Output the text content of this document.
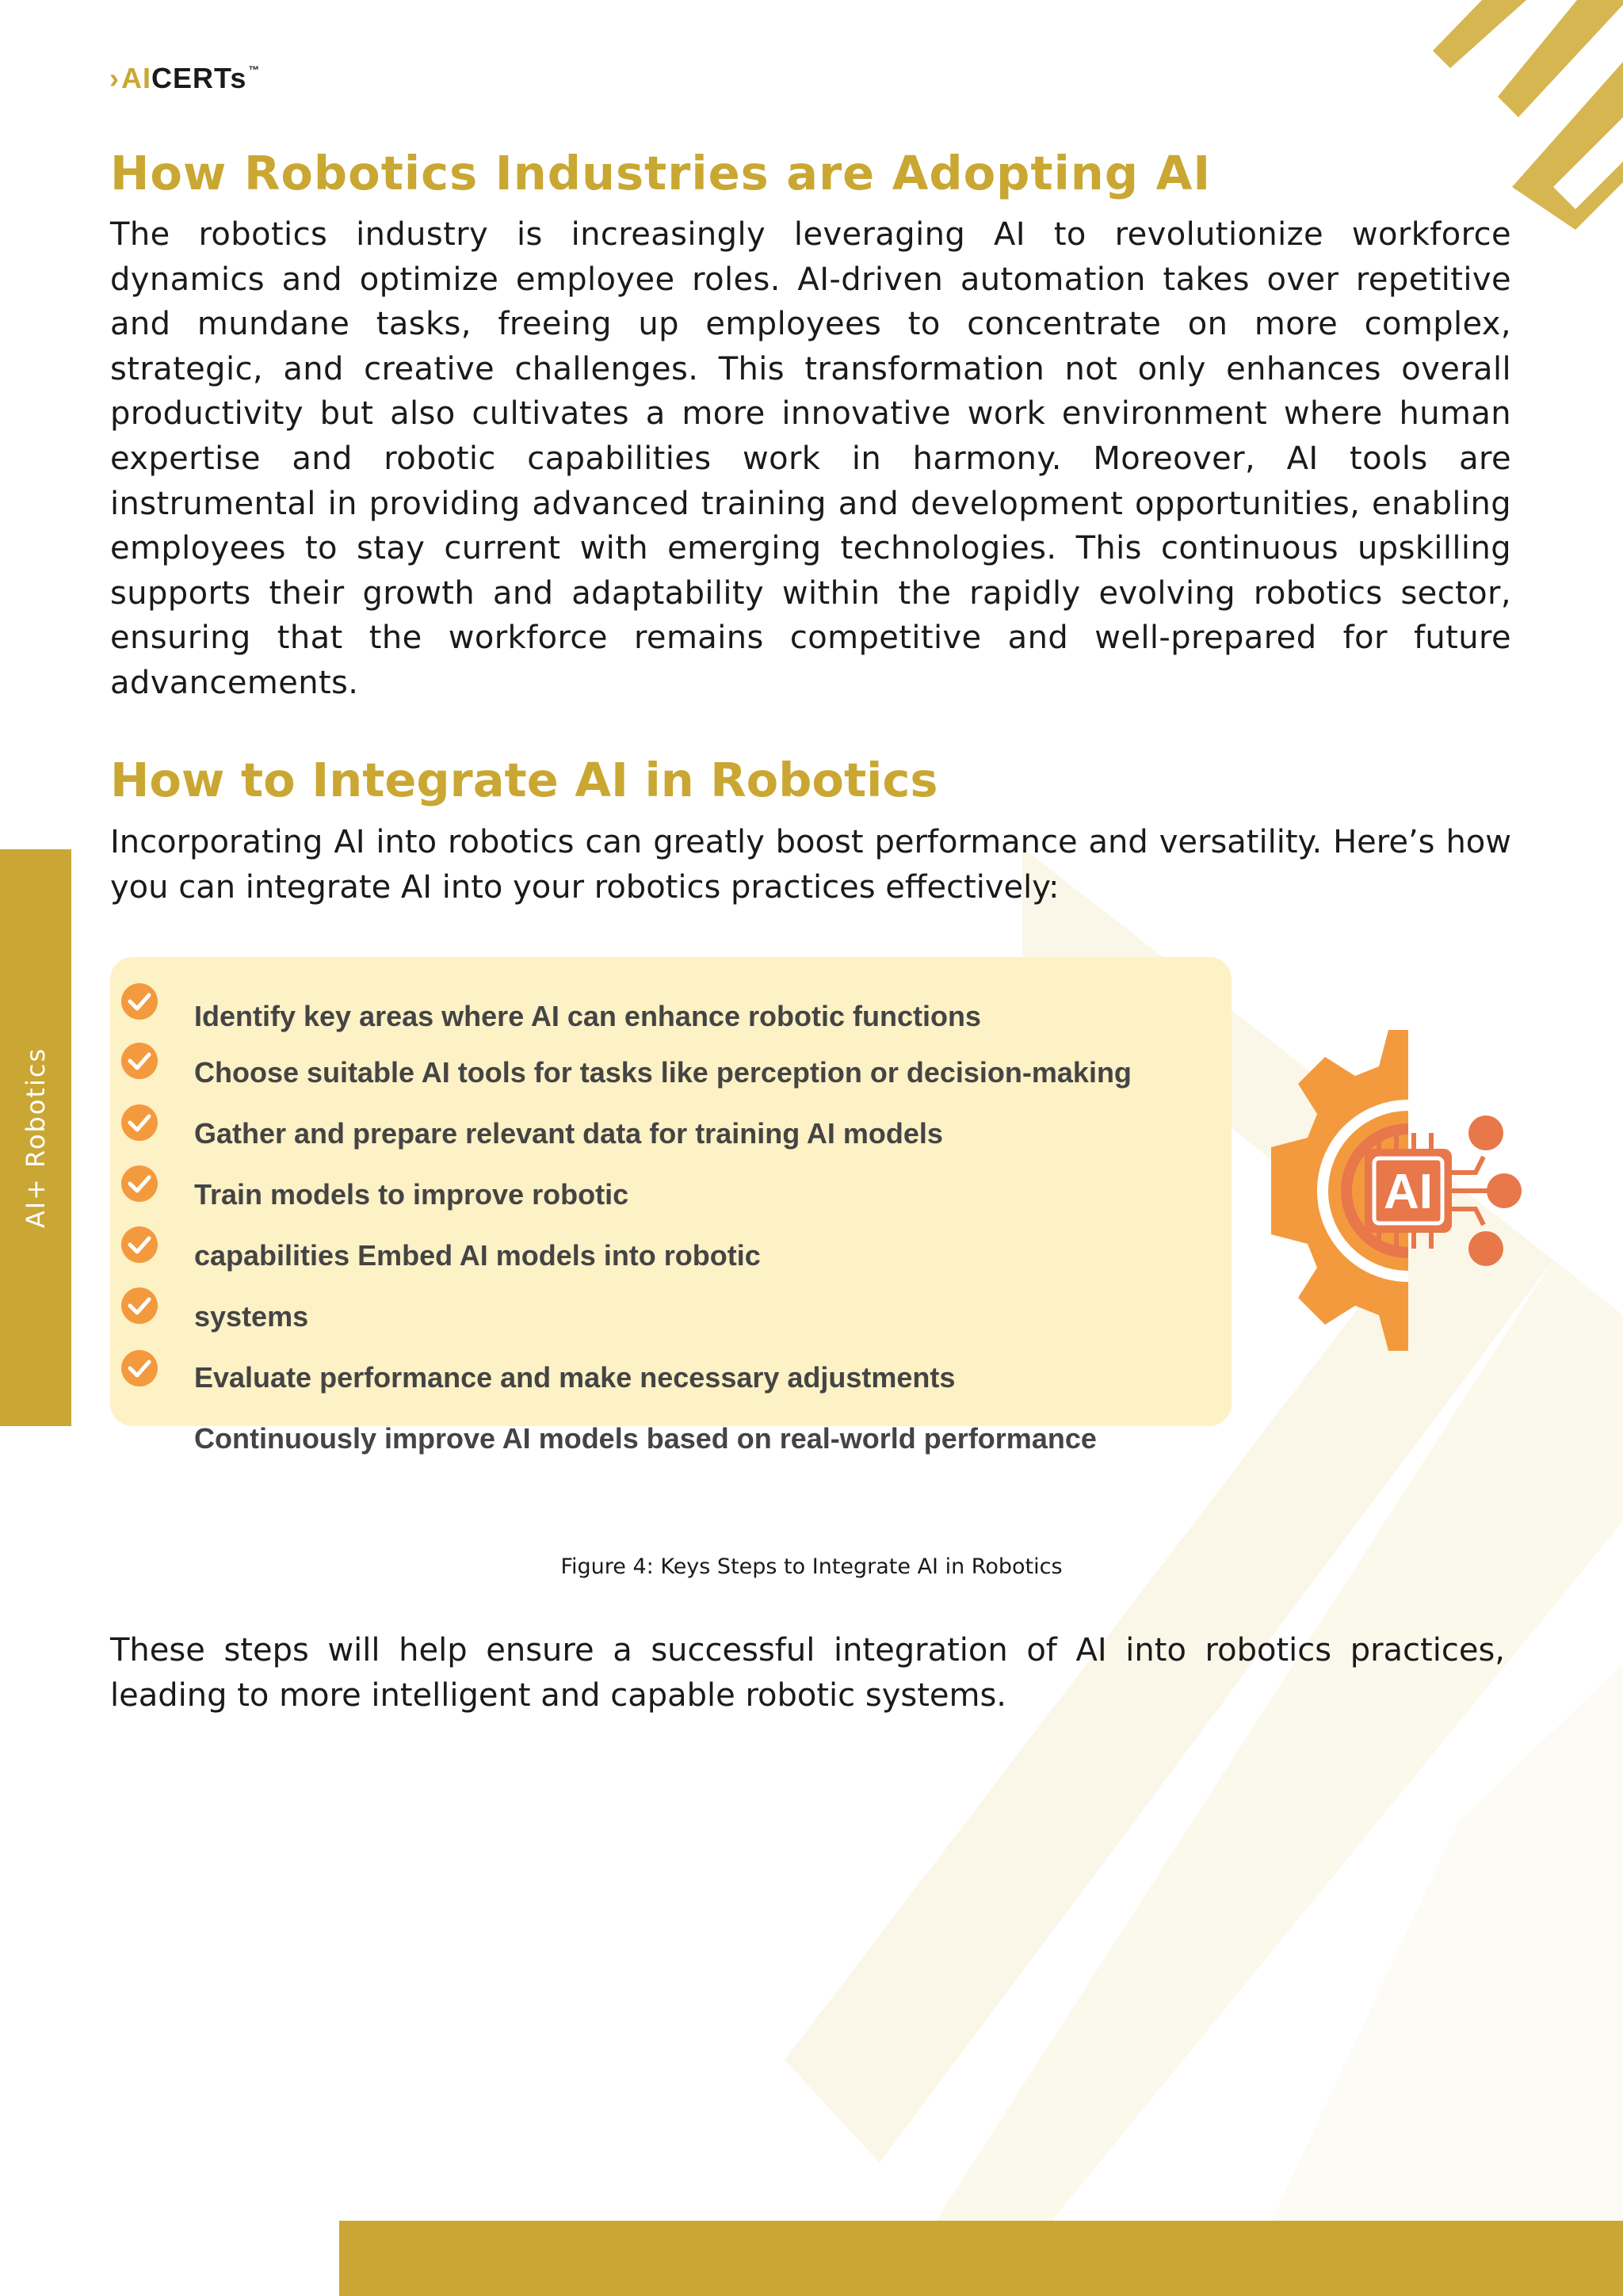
› AI CERTs ™
How Robotics Industries are Adopting AI

The robotics industry is increasingly leveraging AI to revolutionize workforce dynamics and optimize employee roles. AI-driven automation takes over repetitive and mundane tasks, freeing up employees to concentrate on more complex, strategic, and creative challenges. This transformation not only enhances overall productivity but also cultivates a more innovative work environment where human expertise and robotic capabilities work in harmony. Moreover, AI tools are instrumental in providing advanced training and development opportunities, enabling employees to stay current with emerging technologies. This continuous upskilling supports their growth and adaptability within the rapidly evolving robotics sector, ensuring that the workforce remains competitive and well-prepared for future advancements.

How to Integrate AI in Robotics

Incorporating AI into robotics can greatly boost performance and versatility. Here’s how you can integrate AI into your robotics practices effectively:

AI+ Robotics
Identify key areas where AI can enhance robotic functions
Choose suitable AI tools for tasks like perception or decision-making
Gather and prepare relevant data for training AI models
Train models to improve robotic
capabilities Embed AI models into robotic
systems
Evaluate performance and make necessary adjustments
Continuously improve AI models based on real-world performance
AI
Figure 4: Keys Steps to Integrate AI in Robotics

These steps will help ensure a successful integration of AI into robotics practices, leading to more intelligent and capable robotic systems.
